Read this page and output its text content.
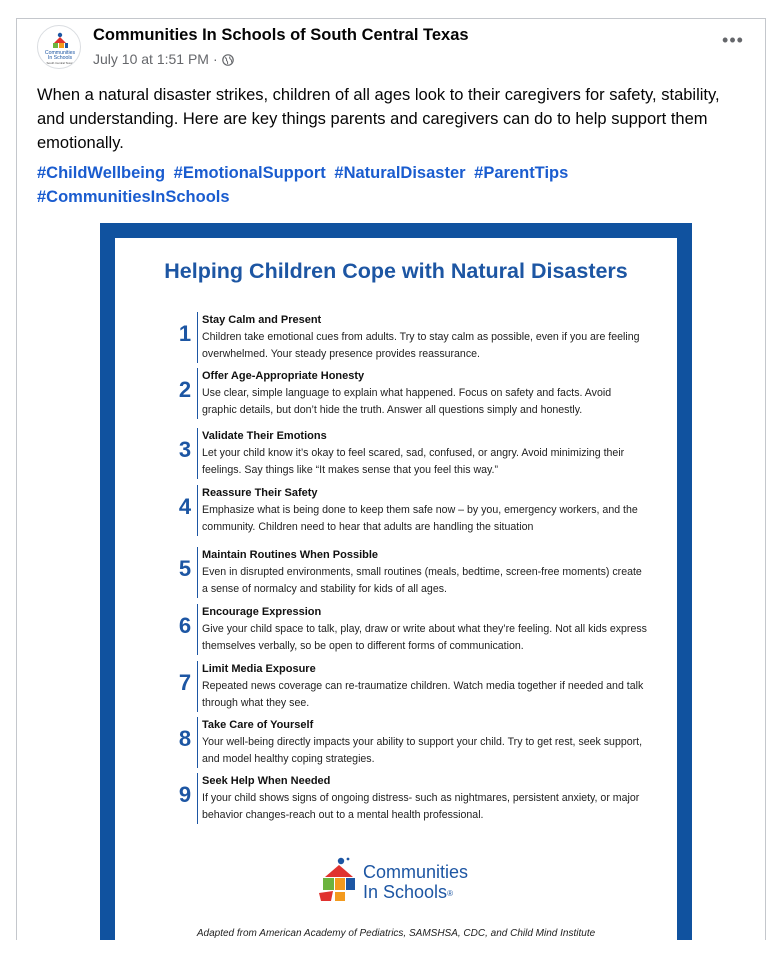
Communities
In Schools
South Central Texas
Communities In Schools of South Central Texas
July 10 at 1:51 PM ·
•••
When a natural disaster strikes, children of all ages look to their caregivers for safety, stability, and understanding. Here are key things parents and caregivers can do to help support them emotionally.
#ChildWellbeing #EmotionalSupport #NaturalDisaster #ParentTips
#CommunitiesInSchools
Helping Children Cope with Natural Disasters
1
Stay Calm and Present
Children take emotional cues from adults. Try to stay calm as possible, even if you are feeling overwhelmed. Your steady presence provides reassurance.
2
Offer Age-Appropriate Honesty
Use clear, simple language to explain what happened. Focus on safety and facts. Avoid graphic details, but don’t hide the truth. Answer all questions simply and honestly.
3
Validate Their Emotions
Let your child know it’s okay to feel scared, sad, confused, or angry. Avoid minimizing their feelings. Say things like “It makes sense that you feel this way.”
4
Reassure Their Safety
Emphasize what is being done to keep them safe now – by you, emergency workers, and the community. Children need to hear that adults are handling the situation
5
Maintain Routines When Possible
Even in disrupted environments, small routines (meals, bedtime, screen-free moments) create a sense of normalcy and stability for kids of all ages.
6
Encourage Expression
Give your child space to talk, play, draw or write about what they’re feeling. Not all kids express themselves verbally, so be open to different forms of communication.
7
Limit Media Exposure
Repeated news coverage can re-traumatize children. Watch media together if needed and talk through what they see.
8
Take Care of Yourself
Your well-being directly impacts your ability to support your child. Try to get rest, seek support, and model healthy coping strategies.
9
Seek Help When Needed
If your child shows signs of ongoing distress- such as nightmares, persistent anxiety, or major behavior changes-reach out to a mental health professional.
Communities
In Schools®
Adapted from American Academy of Pediatrics, SAMSHSA, CDC, and Child Mind Institute
